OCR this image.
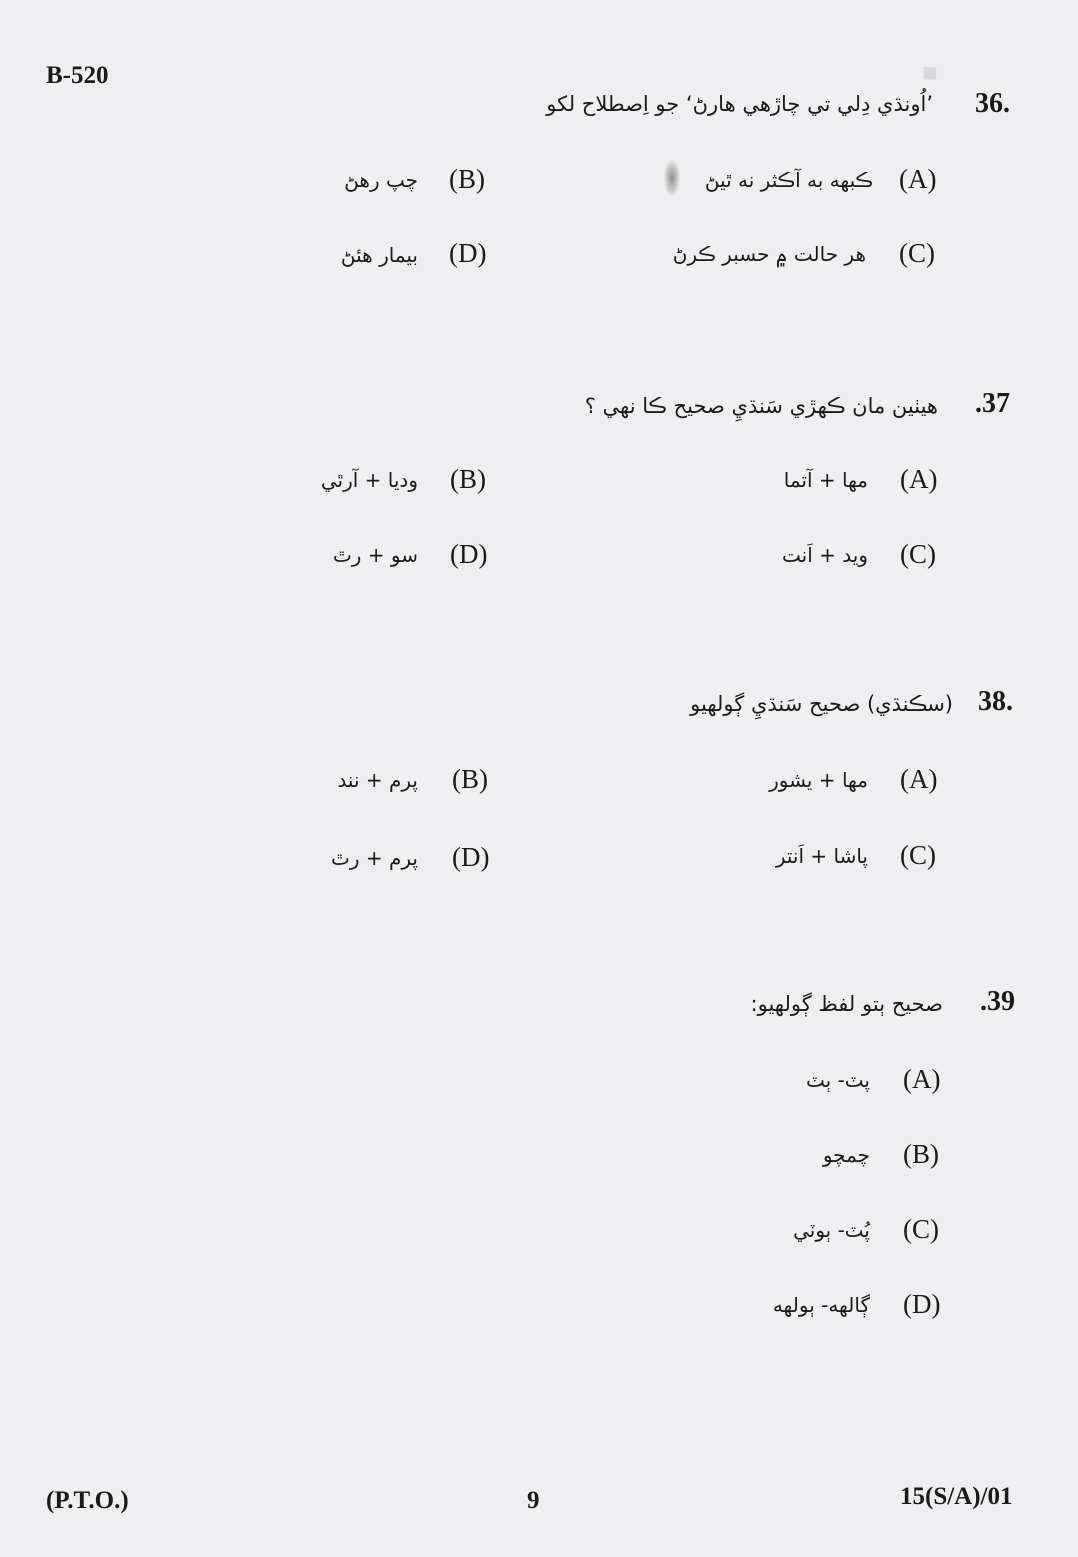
B-520	■
36.
’اُونڌي دِلي تي چاڙهي هارڻ‘ جو اِصطلاح لکو
(A)
ڪبهه به آڪثر نه ٿيڻ
(B)
چپ رهڻ
(C)
هر حالت ۾ حسبر ڪرڻ
(D)
بيمار هئڻ
.37
هيٺين مان ڪهڙي سَنڌيِ صحيح ڪا نهي ؟
(A)
مها + آتما
(B)
وديا + آرٿي
(C)
ويد + اَنت
(D)
سو + رٿ
38.
(سڪنڌي) صحيح سَنڌيِ ڳولهيو
(A)
مها + يشور
(B)
پرم + نند
(C)
پاشا + اَنتر
(D)
پرم + رٿ
.39
صحيح ٻتو لفظ ڳولهيو:
(A)
پٽ- ٻٽ
(B)
چمچو
(C)
پُٽ- ٻوٽي
(D)
ڳالهه- ٻولهه
(P.T.O.)	9	15(S/A)/01
